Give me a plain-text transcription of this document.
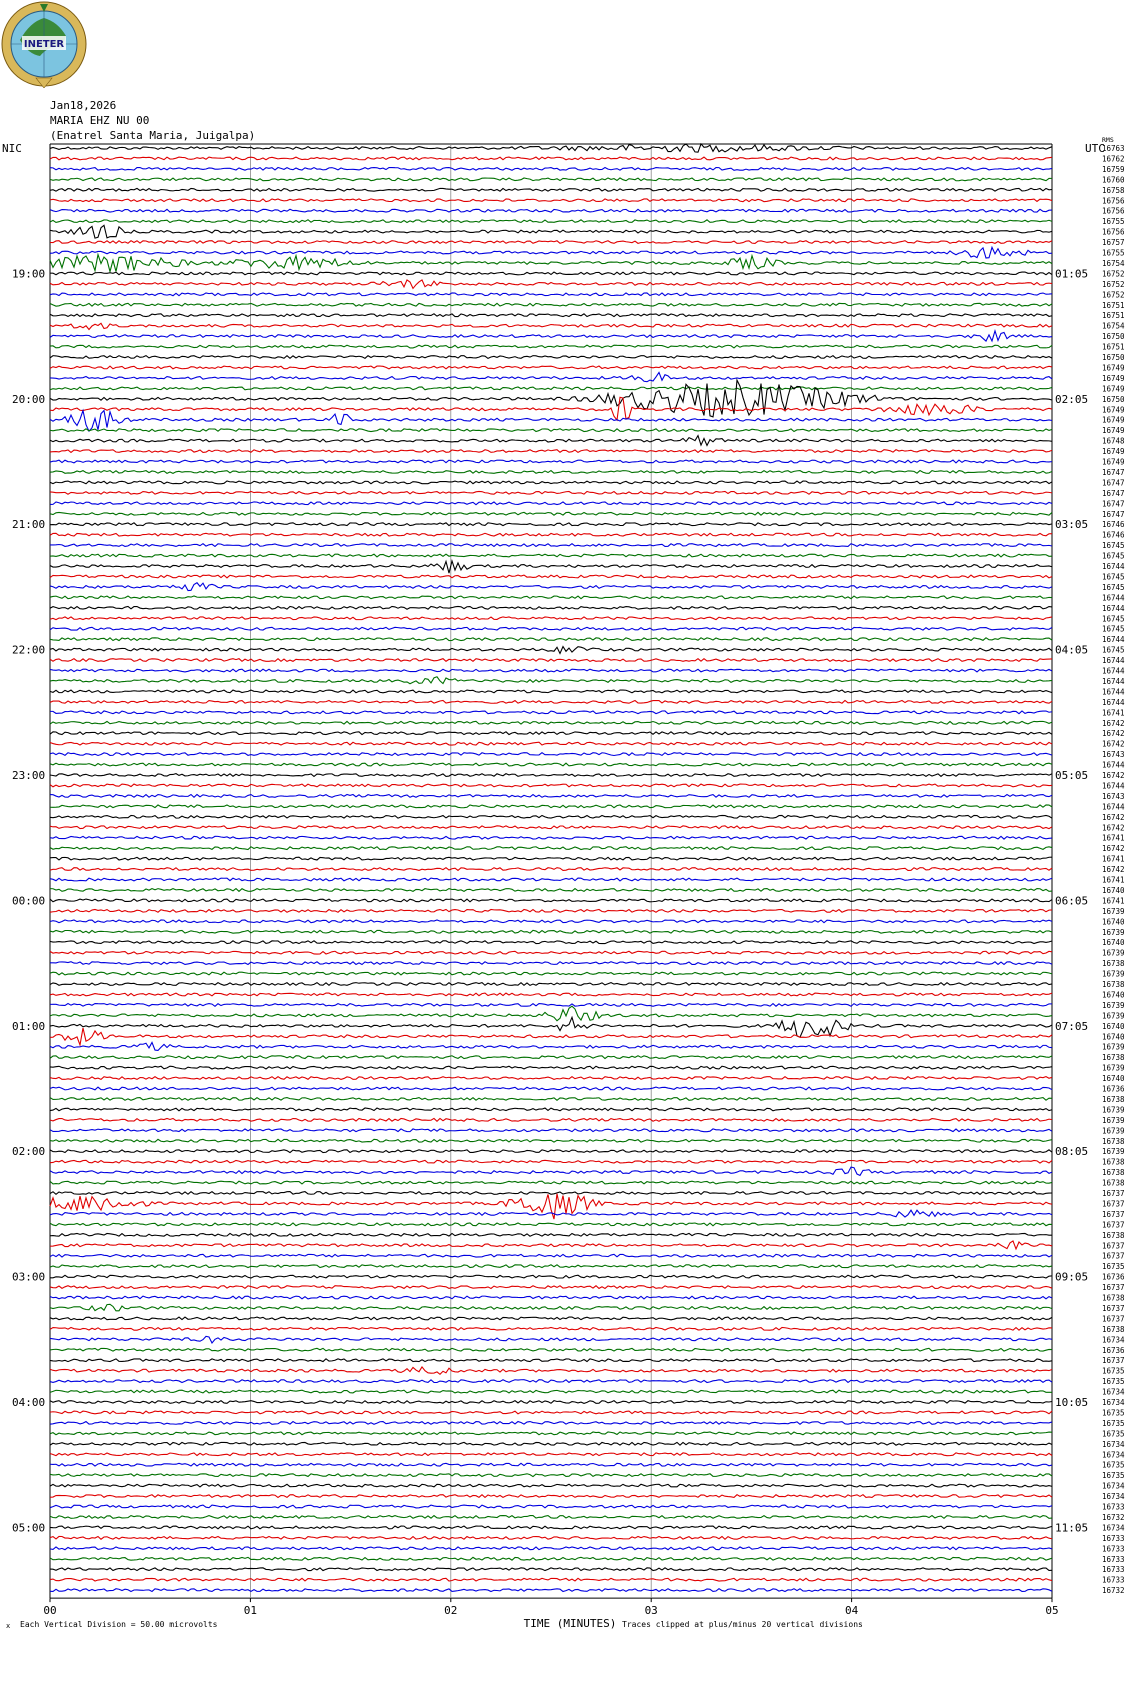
INETER
Jan18,2026
MARIA EHZ NU 00
(Enatrel Santa Maria, Juigalpa)
16763
16762
16759
16760
16758
16756
16756
16755
16756
16757
16755
16754
16752
16752
16752
16751
16751
16754
16750
16751
16750
16749
16749
16749
16750
16749
16749
16749
16748
16749
16749
16747
16747
16747
16747
16747
16746
16746
16745
16745
16744
16745
16745
16744
16744
16745
16745
16744
16745
16744
16744
16744
16744
16744
16741
16742
16742
16742
16743
16744
16742
16744
16743
16744
16742
16742
16741
16742
16741
16742
16741
16740
16741
16739
16740
16739
16740
16739
16738
16739
16738
16740
16739
16739
16740
16740
16739
16738
16739
16740
16736
16738
16739
16739
16739
16738
16739
16738
16738
16738
16737
16737
16737
16737
16738
16737
16737
16735
16736
16737
16738
16737
16737
16738
16734
16736
16737
16735
16735
16734
16734
16735
16735
16735
16734
16734
16735
16735
16734
16734
16733
16732
16734
16733
16733
16733
16733
16733
16732
RMS
NIC	UTC
19:00	01:05
20:00	02:05
21:00	03:05
22:00	04:05
23:00	05:05
00:00	06:05
01:00	07:05
02:00	08:05
03:00	09:05
04:00	10:05
05:00	11:05
00	01	02	03	04	05
TIME (MINUTES)
x Each Vertical Division = 50.00 microvolts	Traces clipped at plus/minus 20 vertical divisions
